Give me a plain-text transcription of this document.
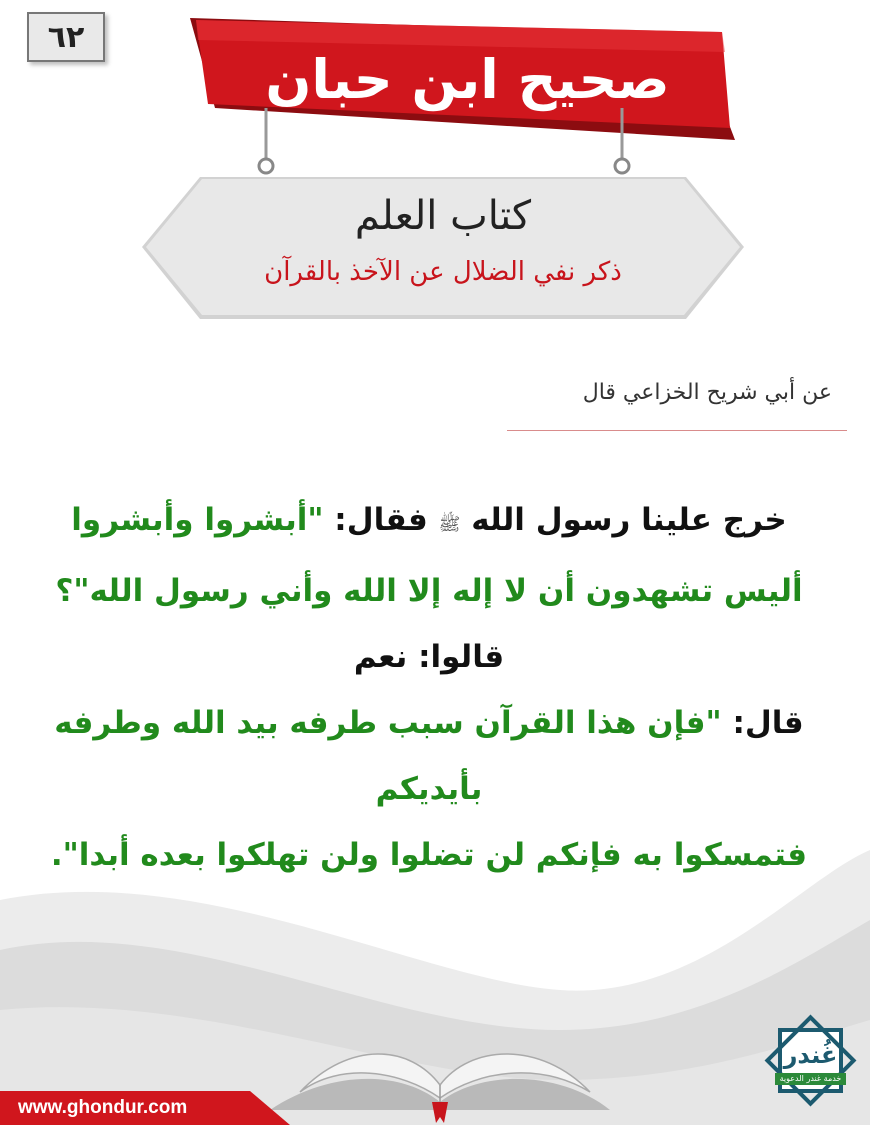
٦٢
صحيح ابن حبان
كتاب العلم
ذكر نفي الضلال عن الآخذ بالقرآن
عن أبي شريح الخزاعي قال
خرج علينا رسول الله ﷺ فقال: "أبشروا وأبشروا
أليس تشهدون أن لا إله إلا الله وأني رسول الله"؟
قالوا: نعم
قال: "فإن هذا القرآن سبب طرفه بيد الله وطرفه بأيديكم
فتمسكوا به فإنكم لن تضلوا ولن تهلكوا بعده أبدا".
www.ghondur.com
غُندر
خدمة غندر الدعوية
